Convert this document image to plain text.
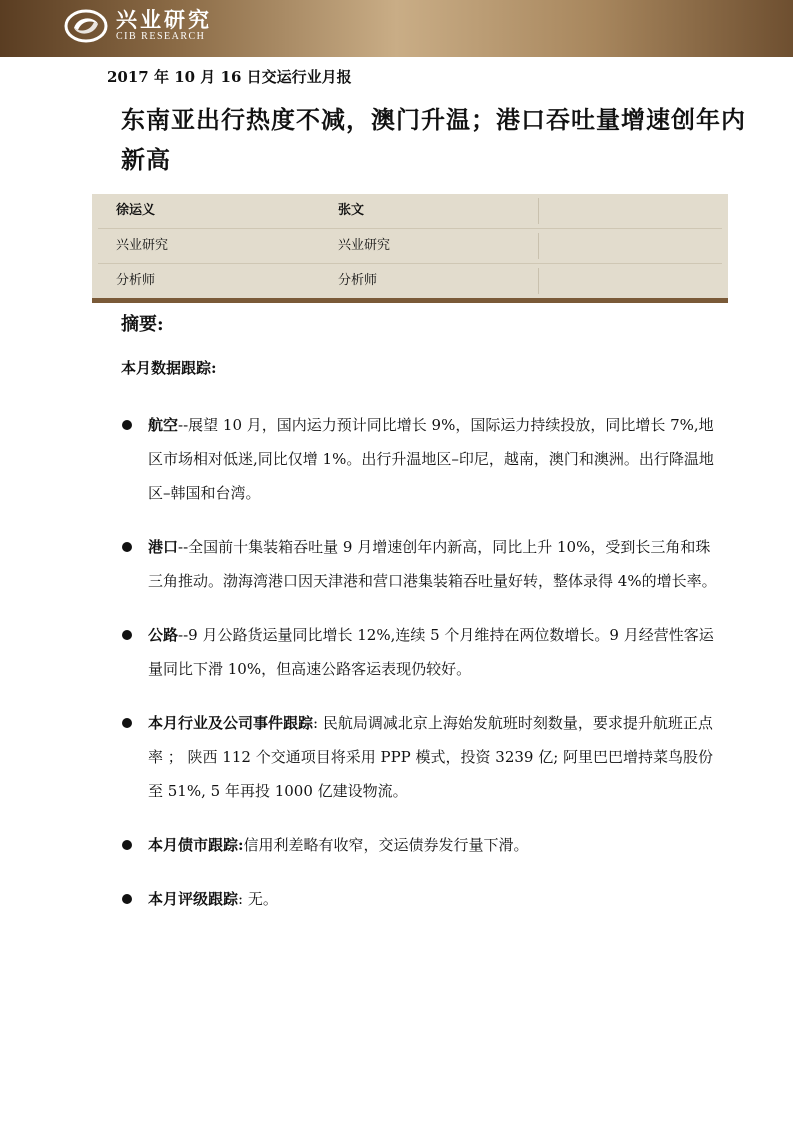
兴业研究
CIB RESEARCH
2017 年 10 月 16 日交运行业月报
东南亚出行热度不减，澳门升温；港口吞吐量增速创年内新高
徐运义	张文
兴业研究	兴业研究
分析师	分析师
摘要:
本月数据跟踪:
航空--展望 10 月，国内运力预计同比增长 9%，国际运力持续投放，同比增长 7%,地区市场相对低迷,同比仅增 1%。出行升温地区–印尼，越南，澳门和澳洲。出行降温地区–韩国和台湾。
港口--全国前十集装箱吞吐量 9 月增速创年内新高，同比上升 10%，受到长三角和珠三角推动。渤海湾港口因天津港和营口港集装箱吞吐量好转，整体录得 4%的增长率。
公路--9 月公路货运量同比增长 12%,连续 5 个月维持在两位数增长。9 月经营性客运量同比下滑 10%，但高速公路客运表现仍较好。
本月行业及公司事件跟踪: 民航局调减北京上海始发航班时刻数量，要求提升航班正点率 ； 陕西 112 个交通项目将采用 PPP 模式，投资 3239 亿; 阿里巴巴增持菜鸟股份至 51%, 5 年再投 1000 亿建设物流。
本月债市跟踪:信用利差略有收窄，交运债券发行量下滑。
本月评级跟踪: 无。
